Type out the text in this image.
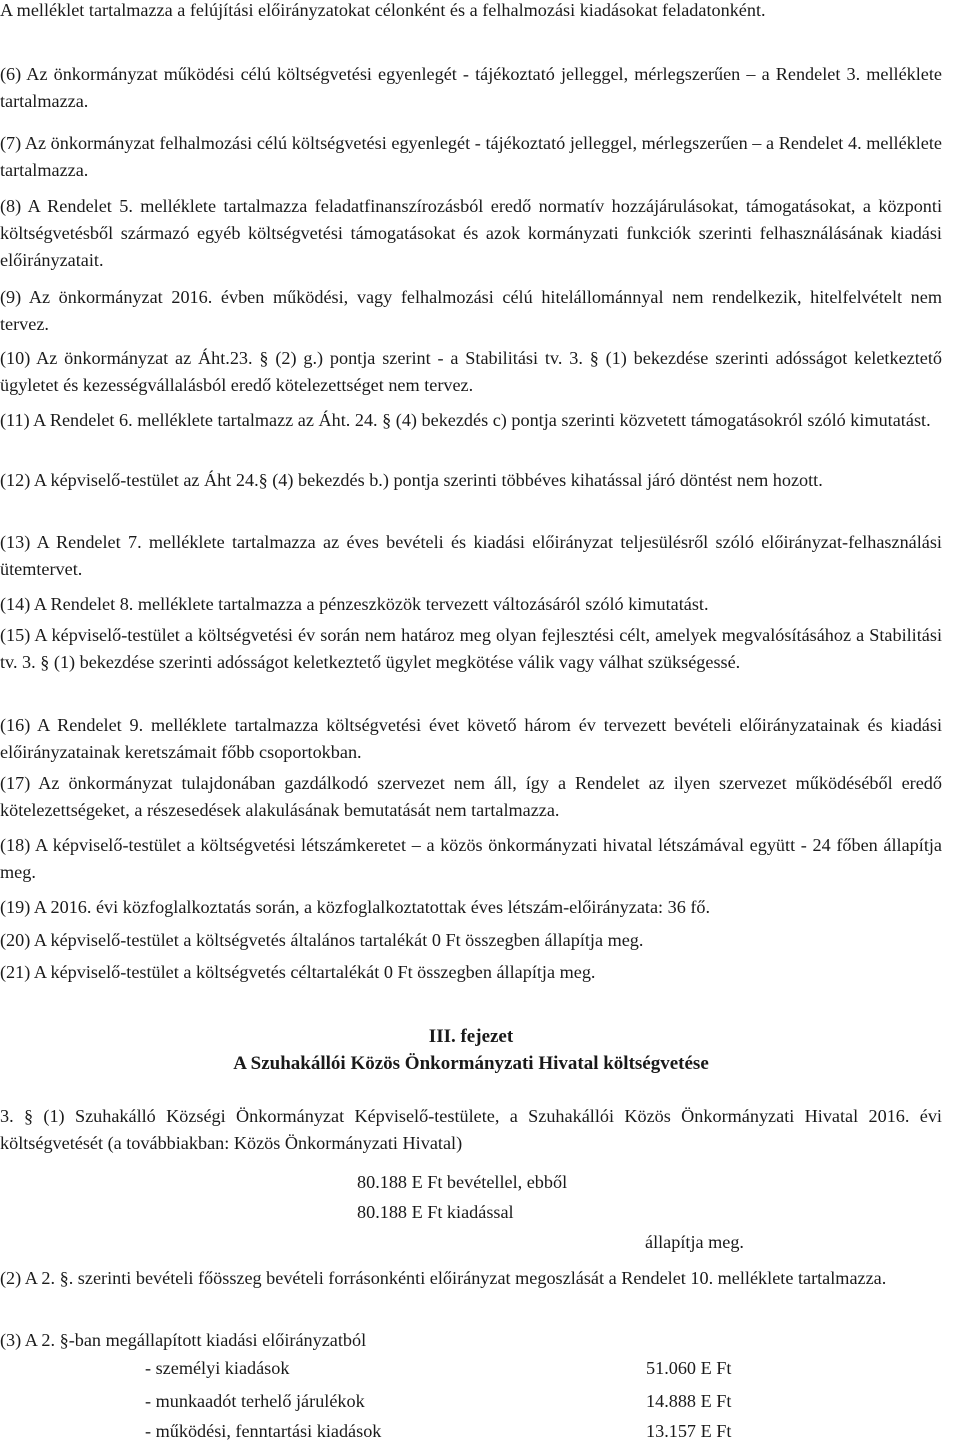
A melléklet tartalmazza a felújítási előirányzatokat célonként és a felhalmozási kiadásokat feladatonként.

(6) Az önkormányzat működési célú költségvetési egyenlegét - tájékoztató jelleggel, mérlegszerűen – a Rendelet 3. melléklete tartalmazza.

(7) Az önkormányzat felhalmozási célú költségvetési egyenlegét - tájékoztató jelleggel, mérlegszerűen – a Rendelet 4. melléklete tartalmazza.

(8) A Rendelet 5. melléklete tartalmazza feladatfinanszírozásból eredő normatív hozzájárulásokat, támogatásokat, a központi költségvetésből származó egyéb költségvetési támogatásokat és azok kormányzati funkciók szerinti felhasználásának kiadási előirányzatait.

(9) Az önkormányzat 2016. évben működési, vagy felhalmozási célú hitelállománnyal nem rendelkezik, hitelfelvételt nem tervez.

(10) Az önkormányzat az Áht.23. § (2) g.) pontja szerint - a Stabilitási tv. 3. § (1) bekezdése szerinti adósságot keletkeztető ügyletet és kezességvállalásból eredő kötelezettséget nem tervez.

(11) A Rendelet 6. melléklete tartalmazz az Áht. 24. § (4) bekezdés c) pontja szerinti közvetett támogatásokról szóló kimutatást.

(12) A képviselő-testület az Áht 24.§ (4) bekezdés b.) pontja szerinti többéves kihatással járó döntést nem hozott.

(13) A Rendelet 7. melléklete tartalmazza az éves bevételi és kiadási előirányzat teljesülésről szóló előirányzat-felhasználási ütemtervet.

(14) A Rendelet 8. melléklete tartalmazza a pénzeszközök tervezett változásáról szóló kimutatást.

(15) A képviselő-testület a költségvetési év során nem határoz meg olyan fejlesztési célt, amelyek megvalósításához a Stabilitási tv. 3. § (1) bekezdése szerinti adósságot keletkeztető ügylet megkötése válik vagy válhat szükségessé.

(16) A Rendelet 9. melléklete tartalmazza költségvetési évet követő három év tervezett bevételi előirányzatainak és kiadási előirányzatainak keretszámait főbb csoportokban.

(17) Az önkormányzat tulajdonában gazdálkodó szervezet nem áll, így a Rendelet az ilyen szervezet működéséből eredő kötelezettségeket, a részesedések alakulásának bemutatását nem tartalmazza.

(18) A képviselő-testület a költségvetési létszámkeretet – a közös önkormányzati hivatal létszámával együtt - 24 főben állapítja meg.

(19) A 2016. évi közfoglalkoztatás során, a közfoglalkoztatottak éves létszám-előirányzata: 36 fő.

(20) A képviselő-testület a költségvetés általános tartalékát 0 Ft összegben állapítja meg.

(21) A képviselő-testület a költségvetés céltartalékát 0 Ft összegben állapítja meg.

III. fejezet

A Szuhakállói Közös Önkormányzati Hivatal költségvetése

3. § (1) Szuhakálló Községi Önkormányzat Képviselő-testülete, a Szuhakállói Közös Önkormányzati Hivatal 2016. évi költségvetését (a továbbiakban: Közös Önkormányzati Hivatal)

80.188 E Ft bevétellel, ebből
80.188 E Ft kiadással
állapítja meg.

(2) A 2. §. szerinti bevételi főösszeg bevételi forrásonkénti előirányzat megoszlását a Rendelet 10. melléklete tartalmazza.

(3) A 2. §-ban megállapított kiadási előirányzatból

- személyi kiadások	51.060 E Ft
- munkaadót terhelő járulékok	14.888 E Ft
- működési, fenntartási kiadások	13.157 E Ft
